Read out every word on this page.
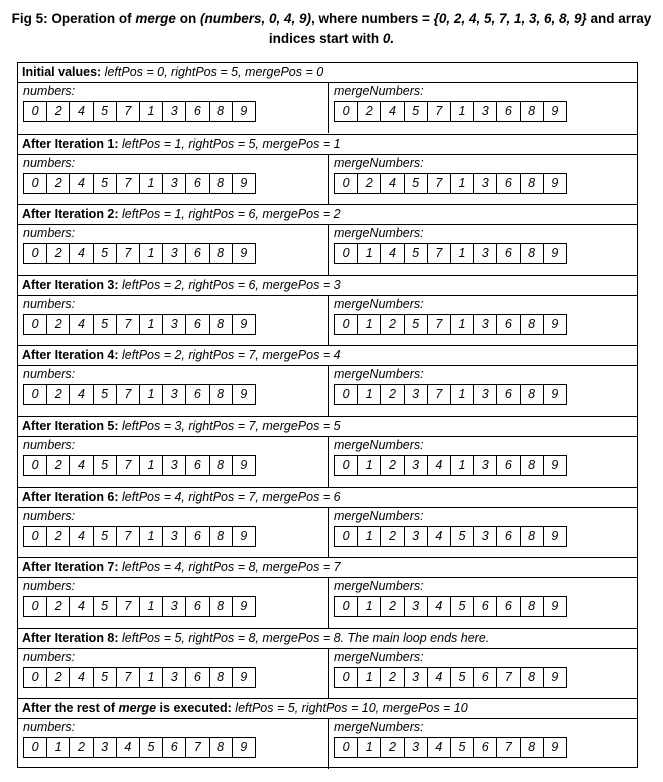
Fig 5: Operation of merge on (numbers, 0, 4, 9), where numbers = {0, 2, 4, 5, 7, 1, 3, 6, 8, 9} and array
indices start with 0.
Initial values: leftPos = 0, rightPos = 5, mergePos = 0
numbers:
0	2	4	5	7	1	3	6	8	9
mergeNumbers:
0	2	4	5	7	1	3	6	8	9
After Iteration 1: leftPos = 1, rightPos = 5, mergePos = 1
numbers:
0	2	4	5	7	1	3	6	8	9
mergeNumbers:
0	2	4	5	7	1	3	6	8	9
After Iteration 2: leftPos = 1, rightPos = 6, mergePos = 2
numbers:
0	2	4	5	7	1	3	6	8	9
mergeNumbers:
0	1	4	5	7	1	3	6	8	9
After Iteration 3: leftPos = 2, rightPos = 6, mergePos = 3
numbers:
0	2	4	5	7	1	3	6	8	9
mergeNumbers:
0	1	2	5	7	1	3	6	8	9
After Iteration 4: leftPos = 2, rightPos = 7, mergePos = 4
numbers:
0	2	4	5	7	1	3	6	8	9
mergeNumbers:
0	1	2	3	7	1	3	6	8	9
After Iteration 5: leftPos = 3, rightPos = 7, mergePos = 5
numbers:
0	2	4	5	7	1	3	6	8	9
mergeNumbers:
0	1	2	3	4	1	3	6	8	9
After Iteration 6: leftPos = 4, rightPos = 7, mergePos = 6
numbers:
0	2	4	5	7	1	3	6	8	9
mergeNumbers:
0	1	2	3	4	5	3	6	8	9
After Iteration 7: leftPos = 4, rightPos = 8, mergePos = 7
numbers:
0	2	4	5	7	1	3	6	8	9
mergeNumbers:
0	1	2	3	4	5	6	6	8	9
After Iteration 8: leftPos = 5, rightPos = 8, mergePos = 8. The main loop ends here.
numbers:
0	2	4	5	7	1	3	6	8	9
mergeNumbers:
0	1	2	3	4	5	6	7	8	9
After the rest of merge is executed: leftPos = 5, rightPos = 10, mergePos = 10
numbers:
0	1	2	3	4	5	6	7	8	9
mergeNumbers:
0	1	2	3	4	5	6	7	8	9
